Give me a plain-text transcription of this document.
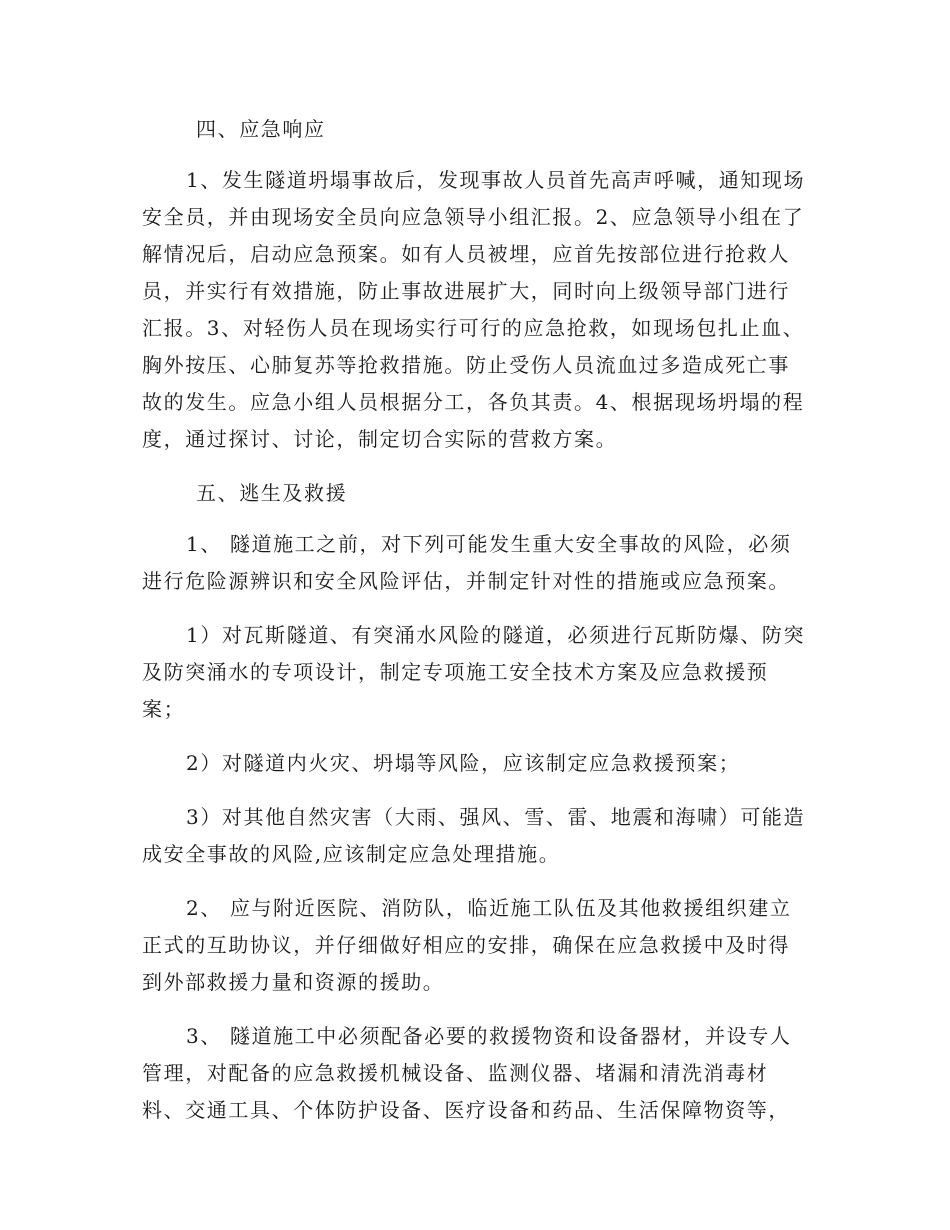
四、应急响应
1、发生隧道坍塌事故后，发现事故人员首先高声呼喊，通知现场
安全员，并由现场安全员向应急领导小组汇报。2、应急领导小组在了
解情况后，启动应急预案。如有人员被埋，应首先按部位进行抢救人
员，并实行有效措施，防止事故进展扩大，同时向上级领导部门进行
汇报。3、对轻伤人员在现场实行可行的应急抢救，如现场包扎止血、
胸外按压、心肺复苏等抢救措施。防止受伤人员流血过多造成死亡事
故的发生。应急小组人员根据分工，各负其责。4、根据现场坍塌的程
度，通过探讨、讨论，制定切合实际的营救方案。
五、逃生及救援
1、 隧道施工之前，对下列可能发生重大安全事故的风险，必须
进行危险源辨识和安全风险评估，并制定针对性的措施或应急预案。
1）对瓦斯隧道、有突涌水风险的隧道，必须进行瓦斯防爆、防突
及防突涌水的专项设计，制定专项施工安全技术方案及应急救援预
案；
2）对隧道内火灾、坍塌等风险，应该制定应急救援预案；
3）对其他自然灾害（大雨、强风、雪、雷、地震和海啸）可能造
成安全事故的风险,应该制定应急处理措施。
2、 应与附近医院、消防队，临近施工队伍及其他救援组织建立
正式的互助协议，并仔细做好相应的安排，确保在应急救援中及时得
到外部救援力量和资源的援助。
3、 隧道施工中必须配备必要的救援物资和设备器材，并设专人
管理，对配备的应急救援机械设备、监测仪器、堵漏和清洗消毒材
料、交通工具、个体防护设备、医疗设备和药品、生活保障物资等，
